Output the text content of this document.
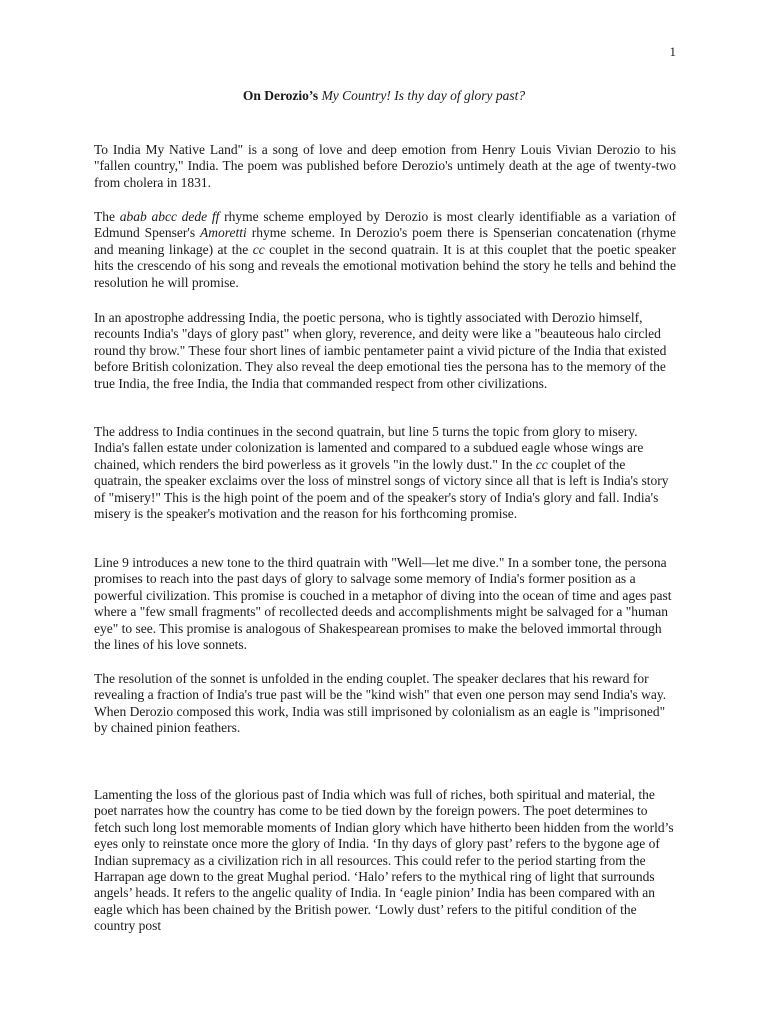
1
On Derozio’s My Country! Is thy day of glory past?
To India My Native Land" is a song of love and deep emotion from Henry Louis Vivian Derozio to his "fallen country," India. The poem was published before Derozio's untimely death at the age of twenty-two from cholera in 1831.
The abab abcc dede ff rhyme scheme employed by Derozio is most clearly identifiable as a variation of Edmund Spenser's Amoretti rhyme scheme. In Derozio's poem there is Spenserian concatenation (rhyme and meaning linkage) at the cc couplet in the second quatrain. It is at this couplet that the poetic speaker hits the crescendo of his song and reveals the emotional motivation behind the story he tells and behind the resolution he will promise.
In an apostrophe addressing India, the poetic persona, who is tightly associated with Derozio himself, recounts India's "days of glory past" when glory, reverence, and deity were like a "beauteous halo circled round thy brow." These four short lines of iambic pentameter paint a vivid picture of the India that existed before British colonization. They also reveal the deep emotional ties the persona has to the memory of the true India, the free India, the India that commanded respect from other civilizations.
The address to India continues in the second quatrain, but line 5 turns the topic from glory to misery. India's fallen estate under colonization is lamented and compared to a subdued eagle whose wings are chained, which renders the bird powerless as it grovels "in the lowly dust." In the cc couplet of the quatrain, the speaker exclaims over the loss of minstrel songs of victory since all that is left is India's story of "misery!" This is the high point of the poem and of the speaker's story of India's glory and fall. India's misery is the speaker's motivation and the reason for his forthcoming promise.
Line 9 introduces a new tone to the third quatrain with "Well—let me dive." In a somber tone, the persona promises to reach into the past days of glory to salvage some memory of India's former position as a powerful civilization. This promise is couched in a metaphor of diving into the ocean of time and ages past where a "few small fragments" of recollected deeds and accomplishments might be salvaged for a "human eye" to see. This promise is analogous of Shakespearean promises to make the beloved immortal through the lines of his love sonnets.
The resolution of the sonnet is unfolded in the ending couplet. The speaker declares that his reward for revealing a fraction of India's true past will be the "kind wish" that even one person may send India's way. When Derozio composed this work, India was still imprisoned by colonialism as an eagle is "imprisoned" by chained pinion feathers.
Lamenting the loss of the glorious past of India which was full of riches, both spiritual and material, the poet narrates how the country has come to be tied down by the foreign powers. The poet determines to fetch such long lost memorable moments of Indian glory which have hitherto been hidden from the world’s eyes only to reinstate once more the glory of India. ‘In thy days of glory past’ refers to the bygone age of Indian supremacy as a civilization rich in all resources. This could refer to the period starting from the Harrapan age down to the great Mughal period. ‘Halo’ refers to the mythical ring of light that surrounds angels’ heads. It refers to the angelic quality of India. In ‘eagle pinion’ India has been compared with an eagle which has been chained by the British power. ‘Lowly dust’ refers to the pitiful condition of the country post
